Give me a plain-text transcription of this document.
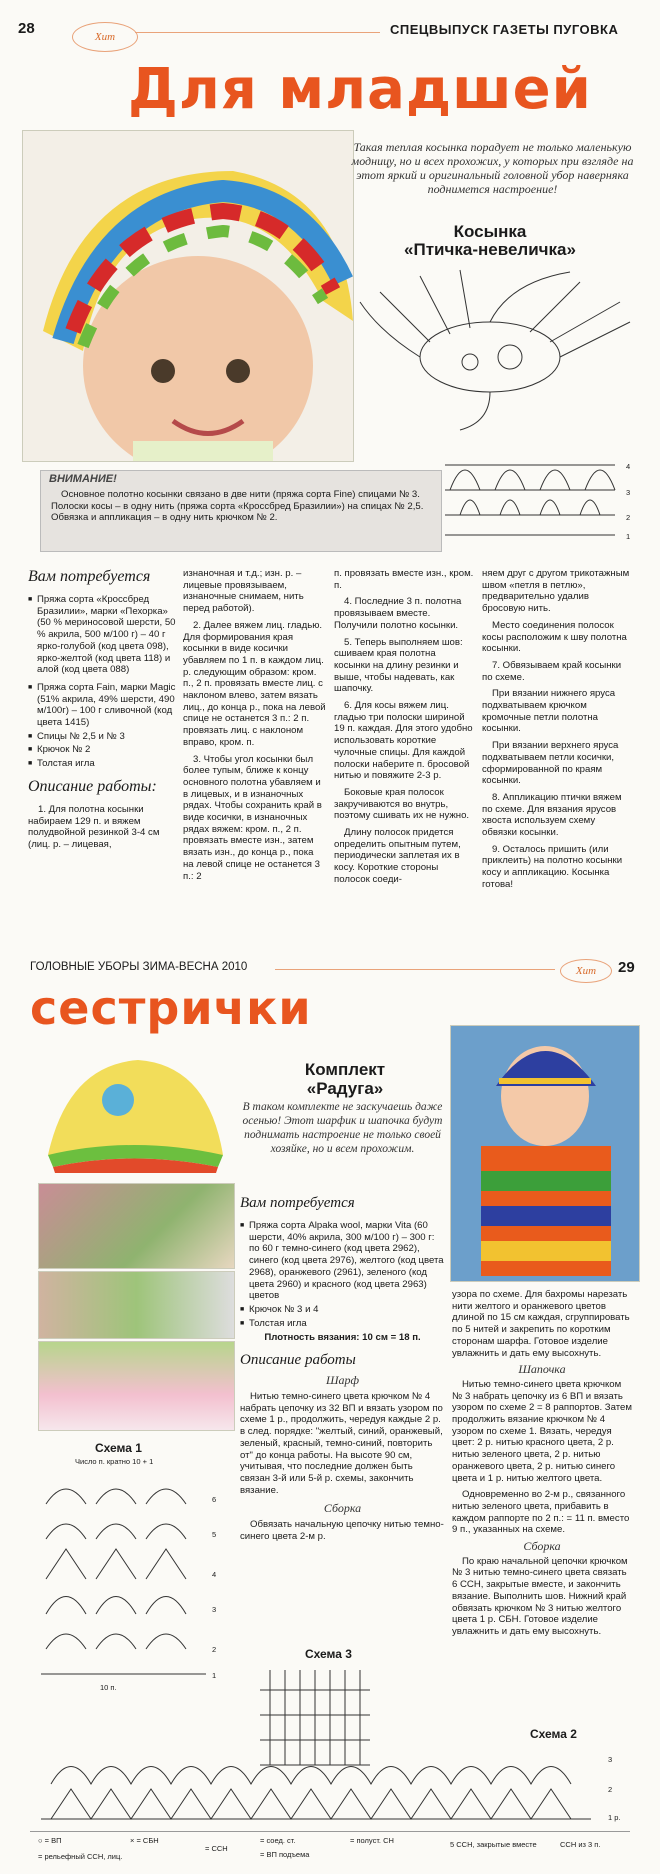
28	Хит	СПЕЦВЫПУСК ГАЗЕТЫ ПУГОВКА
Для младшей
Такая теплая косынка порадует не только маленькую модницу, но и всех прохожих, у которых при взгляде на этот яркий и оригинальный головной убор наверняка поднимется настроение!
Косынка
«Птичка-невеличка»
4
3
2
1
ВНИМАНИЕ!
Основное полотно косынки связано в две нити (пряжа сорта Fine) спицами № 3. Полоски косы – в одну нить (пряжа сорта «Кроссбред Бразилии») на спицах № 2,5. Обвязка и аппликация – в одну нить крючком № 2.
Вам потребуется
■ Пряжа сорта «Кроссбред Бразилии», марки «Пехорка» (50 % мериносовой шерсти, 50 % акрила, 500 м/100 г) – 40 г ярко-голубой (код цвета 098), ярко-желтой (код цвета 118) и алой (код цвета 088)
■ Пряжа сорта Fain, марки Magic (51% акрила, 49% шерсти, 490 м/100г) – 100 г сливочной (код цвета 1415)
■ Спицы № 2,5 и № 3
■ Крючок № 2
■ Толстая игла
Описание работы:

1. Для полотна косынки набираем 129 п. и вяжем полудвойной резинкой 3-4 см (лиц. р. – лицевая,

изнаночная и т.д.; изн. р. – лицевые провязываем, изнаночные снимаем, нить перед работой).

2. Далее вяжем лиц. гладью. Для формирования края косынки в виде косички убавляем по 1 п. в каждом лиц. р. следующим образом: кром. п., 2 п. провязать вместе лиц. с наклоном влево, затем вязать лиц., до конца р., пока на левой спице не останется 3 п.: 2 п. провязать лиц. с наклоном вправо, кром. п.

3. Чтобы угол косынки был более тупым, ближе к концу основного полотна убавляем и в лицевых, и в изнаночных рядах. Чтобы сохранить край в виде косички, в изнаночных рядах вяжем: кром. п., 2 п. провязать вместе изн., затем вязать изн., до конца р., пока на левой спице не останется 3 п.: 2

п. провязать вместе изн., кром. п.

4. Последние 3 п. полотна провязываем вместе. Получили полотно косынки.

5. Теперь выполняем шов: сшиваем края полотна косынки на длину резинки и выше, чтобы надевать, как шапочку.

6. Для косы вяжем лиц. гладью три полоски шириной 19 п. каждая. Для этого удобно использовать короткие чулочные спицы. Для каждой полоски наберите п. бросовой нитью и повяжите 2-3 р.

Боковые края полосок закручиваются во внутрь, поэтому сшивать их не нужно.

Длину полосок придется определить опытным путем, периодически заплетая их в косу. Короткие стороны полосок соеди-

няем друг с другом трикотажным швом «петля в петлю», предварительно удалив бросовую нить.

Место соединения полосок косы расположим к шву полотна косынки.

7. Обвязываем край косынки по схеме.

При вязании нижнего яруса подхватываем крючком кромочные петли полотна косынки.

При вязании верхнего яруса подхватываем петли косички, сформированной по краям косынки.

8. Аппликацию птички вяжем по схеме. Для вязания ярусов хвоста используем схему обвязки косынки.

9. Осталось пришить (или приклеить) на полотно косынки косу и аппликацию. Косынка готова!

ГОЛОВНЫЕ УБОРЫ ЗИМА-ВЕСНА 2010	Хит	29
сестрички
Комплект
«Радуга»
В таком комплекте не заскучаешь даже осенью! Этот шарфик и шапочка будут поднимать настроение не только своей хозяйке, но и всем прохожим.
Вам потребуется
■ Пряжа сорта Alpaka wool, марки Vita (60 шерсти, 40% акрила, 300 м/100 г) – 300 г: по 60 г темно-синего (код цвета 2962), синего (код цвета 2976), желтого (код цвета 2968), оранжевого (2961), зеленого (код цвета 2960) и красного (код цвета 2963) цветов
■ Крючок № 3 и 4
■ Толстая игла
Плотность вязания: 10 см = 18 п.
Описание работы
Шарф

Нитью темно-синего цвета крючком № 4 набрать цепочку из 32 ВП и вязать узором по схеме 1 р., продолжить, чередуя каждые 2 р. в след. порядке: "желтый, синий, оранжевый, зеленый, красный, темно-синий, повторить от" до конца работы. На высоте 90 см, учитывая, что последние должен быть связан 3-й или 5-й р. схемы, закончить вязание.

Сборка

Обвязать начальную цепочку нитью темно-синего цвета 2-м р.

узора по схеме. Для бахромы нарезать нити желтого и оранжевого цветов длиной по 15 см каждая, сгруппировать по 5 нитей и закрепить по коротким сторонам шарфа. Готовое изделие увлажнить и дать ему высохнуть.

Шапочка

Нитью темно-синего цвета крючком № 3 набрать цепочку из 6 ВП и вязать узором по схеме 2 = 8 раппортов. Затем продолжить вязание крючком № 4 узором по схеме 1. Вязать, чередуя цвет: 2 р. нитью красного цвета, 2 р. нитью зеленого цвета, 2 р. нитью оранжевого цвета, 2 р. нитью синего цвета и 1 р. нитью желтого цвета.

Одновременно во 2-м р., связанного нитью зеленого цвета, прибавить в каждом раппорте по 2 п.: = 11 п. вместо 9 п., указанных на схеме.

Сборка

По краю начальной цепочки крючком № 3 нитью темно-синего цвета связать 6 ССН, закрытые вместе, и закончить вязание. Выполнить шов. Нижний край обвязать крючком № 3 нитью желтого цвета 1 р. СБН. Готовое изделие увлажнить и дать ему высохнуть.

Схема 1
Число п. кратно 10 + 1
6
5
4
3
2
1
10 п.
Схема 3
Схема 2
3
2
1 р.
○ = ВП	× = СБН	= соед. ст.
= ВП подъема
= ССН
= рельефный ССН, лиц.
= полуст. СН	5 ССН, закрытые вместе	ССН из 3 п.
